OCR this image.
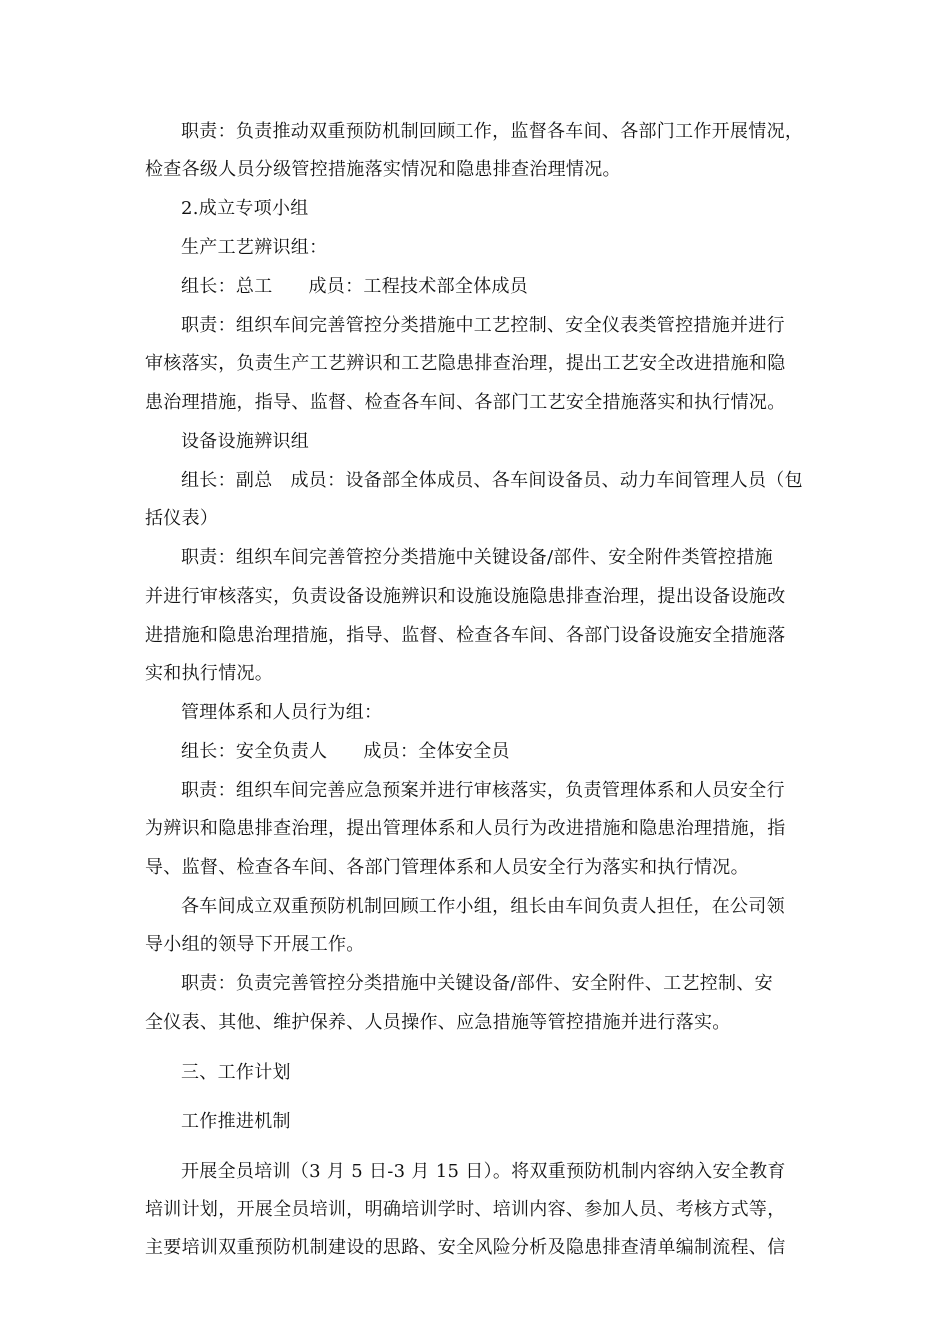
职责：负责推动双重预防机制回顾工作，监督各车间、各部门工作开展情况，
检查各级人员分级管控措施落实情况和隐患排查治理情况。
2.成立专项小组
生产工艺辨识组：
组长：总工 成员：工程技术部全体成员
职责：组织车间完善管控分类措施中工艺控制、安全仪表类管控措施并进行
审核落实，负责生产工艺辨识和工艺隐患排查治理，提出工艺安全改进措施和隐
患治理措施，指导、监督、检查各车间、各部门工艺安全措施落实和执行情况。
设备设施辨识组
组长：副总 成员：设备部全体成员、各车间设备员、动力车间管理人员（包
括仪表）
职责：组织车间完善管控分类措施中关键设备/部件、安全附件类管控措施
并进行审核落实，负责设备设施辨识和设施设施隐患排查治理，提出设备设施改
进措施和隐患治理措施，指导、监督、检查各车间、各部门设备设施安全措施落
实和执行情况。
管理体系和人员行为组：
组长：安全负责人 成员：全体安全员
职责：组织车间完善应急预案并进行审核落实，负责管理体系和人员安全行
为辨识和隐患排查治理，提出管理体系和人员行为改进措施和隐患治理措施，指
导、监督、检查各车间、各部门管理体系和人员安全行为落实和执行情况。
各车间成立双重预防机制回顾工作小组，组长由车间负责人担任，在公司领
导小组的领导下开展工作。
职责：负责完善管控分类措施中关键设备/部件、安全附件、工艺控制、安
全仪表、其他、维护保养、人员操作、应急措施等管控措施并进行落实。
三、工作计划
工作推进机制
开展全员培训（3 月 5 日-3 月 15 日）。将双重预防机制内容纳入安全教育
培训计划，开展全员培训，明确培训学时、培训内容、参加人员、考核方式等，
主要培训双重预防机制建设的思路、安全风险分析及隐患排查清单编制流程、信
